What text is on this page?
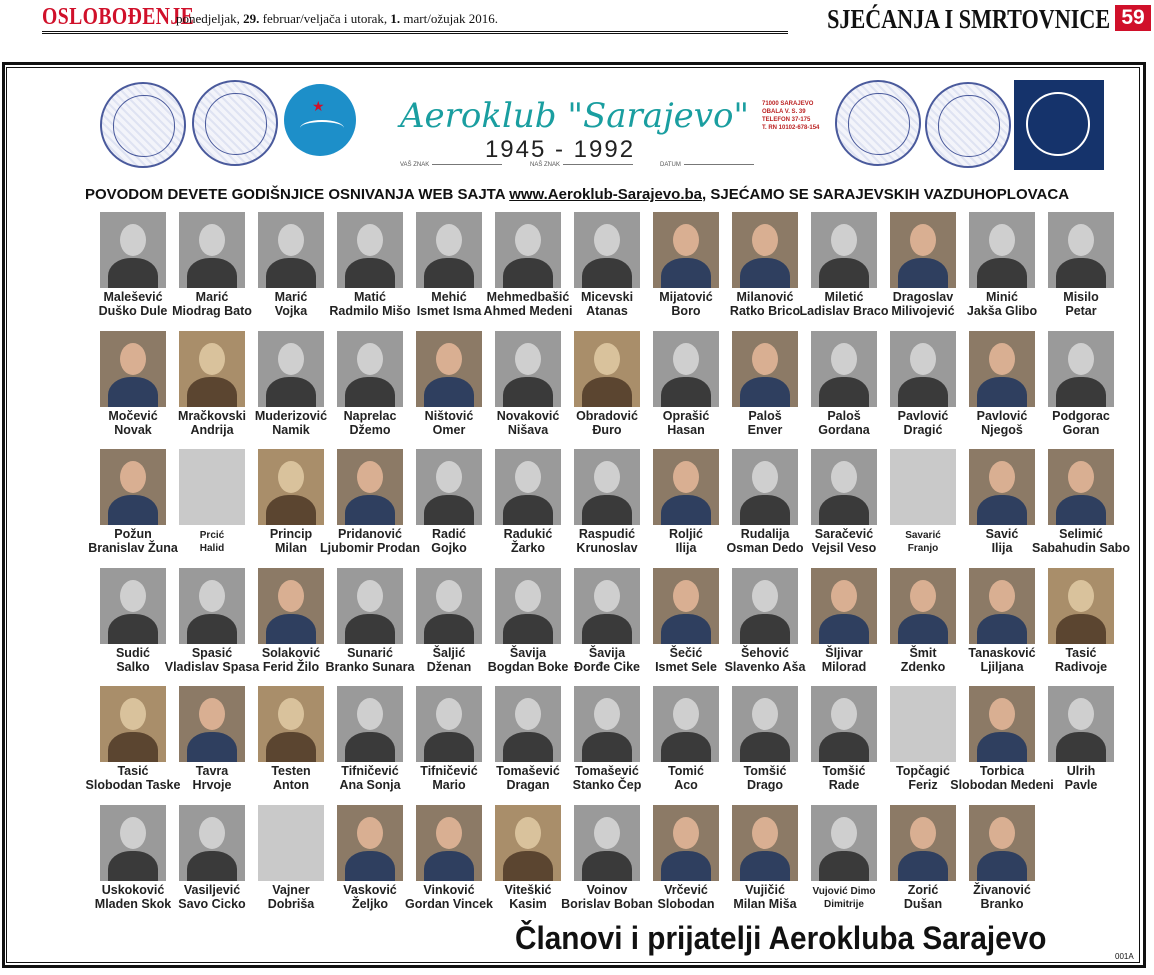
OSLOBOĐENJE
ponedjeljak, 29. februar/veljača i utorak, 1. mart/ožujak 2016.	SJEĆANJA I SMRTOVNICE 59
★ Aeroklub "Sarajevo"
1945 - 1992
VAŠ ZNAK	NAŠ ZNAK	DATUM
71000 SARAJEVO
OBALA V. S. 39
TELEFON 37-175
T. RN 10102-678-154
POVODOM DEVETE GODIŠNJICE OSNIVANJA WEB SAJTA www.Aeroklub-Sarajevo.ba, SJEĆAMO SE SARAJEVSKIH VAZDUHOPLOVACA
Malešević
Duško Dule
Marić
Miodrag Bato
Marić
Vojka
Matić
Radmilo Mišo
Mehić
Ismet Isma
Mehmedbašić
Ahmed Medeni
Micevski
Atanas
Mijatović
Boro
Milanović
Ratko Brico
Miletić
Ladislav Braco
Dragoslav
Milivojević
Minić
Jakša Glibo
Misilo
Petar
Močević
Novak
Mračkovski
Andrija
Muderizović
Namik
Naprelac
Džemo
Ništović
Omer
Novaković
Nišava
Obradović
Đuro
Oprašić
Hasan
Paloš
Enver
Paloš
Gordana
Pavlović
Dragić
Pavlović
Njegoš
Podgorac
Goran
Požun
Branislav Žuna
Prcić
Halid
Princip
Milan
Pridanović
Ljubomir Prodan
Radić
Gojko
Radukić
Žarko
Raspudić
Krunoslav
Roljić
Ilija
Rudalija
Osman Dedo
Saračević
Vejsil Veso
Savarić
Franjo
Savić
Ilija
Selimić
Sabahudin Sabo
Sudić
Salko
Spasić
Vladislav Spasa
Solaković
Ferid Žilo
Sunarić
Branko Sunara
Šaljić
Dženan
Šavija
Bogdan Boke
Šavija
Đorđe Cike
Šečić
Ismet Sele
Šehović
Slavenko Aša
Šljivar
Milorad
Šmit
Zdenko
Tanasković
Ljiljana
Tasić
Radivoje
Tasić
Slobodan Taske
Tavra
Hrvoje
Testen
Anton
Tifničević
Ana Sonja
Tifničević
Mario
Tomašević
Dragan
Tomašević
Stanko Čep
Tomić
Aco
Tomšić
Drago
Tomšić
Rade
Topčagić
Feriz
Torbica
Slobodan Medeni
Ulrih
Pavle
Uskoković
Mladen Skok
Vasiljević
Savo Cicko
Vajner
Dobriša
Vasković
Željko
Vinković
Gordan Vincek
Viteškić
Kasim
Voinov
Borislav Boban
Vrčević
Slobodan
Vujičić
Milan Miša
Vujović Dimo
Dimitrije
Zorić
Dušan
Živanović
Branko
Članovi i prijatelji Aerokluba Sarajevo
001A
